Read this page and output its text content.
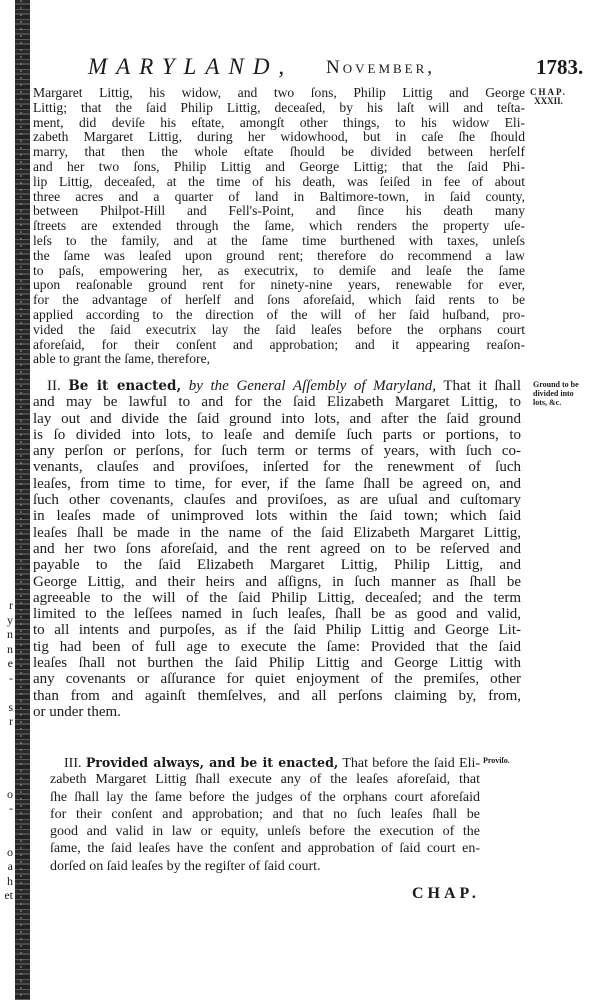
r
y
n
n
e
-
s
r
o
-
o
a
h
et
MARYLAND, November,	1783.
CHAP.
XXXII.
Margaret Littig, his widow, and two ſons, Philip Littig and George
Littig; that the ſaid Philip Littig, deceaſed, by his laſt will and teſta-
ment, did deviſe his eſtate, amongſt other things, to his widow Eli-
zabeth Margaret Littig, during her widowhood, but in caſe ſhe ſhould
marry, that then the whole eſtate ſhould be divided between herſelf
and her two ſons, Philip Littig and George Littig; that the ſaid Phi-
lip Littig, deceaſed, at the time of his death, was ſeiſed in fee of about
three acres and a quarter of land in Baltimore-town, in ſaid county,
between Philpot-Hill and Fell's-Point, and ſince his death many
ſtreets are extended through the ſame, which renders the property uſe-
leſs to the family, and at the ſame time burthened with taxes, unleſs
the ſame was leaſed upon ground rent; therefore do recommend a law
to paſs, empowering her, as executrix, to demiſe and leaſe the ſame
upon reaſonable ground rent for ninety-nine years, renewable for ever,
for the advantage of herſelf and ſons aforeſaid, which ſaid rents to be
applied according to the direction of the will of her ſaid huſband, pro-
vided the ſaid executrix lay the ſaid leaſes before the orphans court
aforeſaid, for their conſent and approbation; and it appearing reaſon-
able to grant the ſame, therefore,
II. Be it enacted, by the General Aſſembly of Maryland, That it ſhall
and may be lawful to and for the ſaid Elizabeth Margaret Littig, to
lay out and divide the ſaid ground into lots, and after the ſaid ground
is ſo divided into lots, to leaſe and demiſe ſuch parts or portions, to
any perſon or perſons, for ſuch term or terms of years, with ſuch co-
venants, clauſes and proviſoes, inſerted for the renewment of ſuch
leaſes, from time to time, for ever, if the ſame ſhall be agreed on, and
ſuch other covenants, clauſes and proviſoes, as are uſual and cuſtomary
in leaſes made of unimproved lots within the ſaid town; which ſaid
leaſes ſhall be made in the name of the ſaid Elizabeth Margaret Littig,
and her two ſons aforeſaid, and the rent agreed on to be reſerved and
payable to the ſaid Elizabeth Margaret Littig, Philip Littig, and
George Littig, and their heirs and aſſigns, in ſuch manner as ſhall be
agreeable to the will of the ſaid Philip Littig, deceaſed; and the term
limited to the leſſees named in ſuch leaſes, ſhall be as good and valid,
to all intents and purpoſes, as if the ſaid Philip Littig and George Lit-
tig had been of full age to execute the ſame: Provided that the ſaid
leaſes ſhall not burthen the ſaid Philip Littig and George Littig with
any covenants or aſſurance for quiet enjoyment of the premiſes, other
than from and againſt themſelves, and all perſons claiming by, from,
or under them.
Ground to be
divided into
lots, &c.
III. Provided always, and be it enacted, That before the ſaid Eli-
zabeth Margaret Littig ſhall execute any of the leaſes aforeſaid, that
ſhe ſhall lay the ſame before the judges of the orphans court aforeſaid
for their conſent and approbation; and that no ſuch leaſes ſhall be
good and valid in law or equity, unleſs before the execution of the
ſame, the ſaid leaſes have the conſent and approbation of ſaid court en-
dorſed on ſaid leaſes by the regiſter of ſaid court.
Proviſo.
CHAP.
